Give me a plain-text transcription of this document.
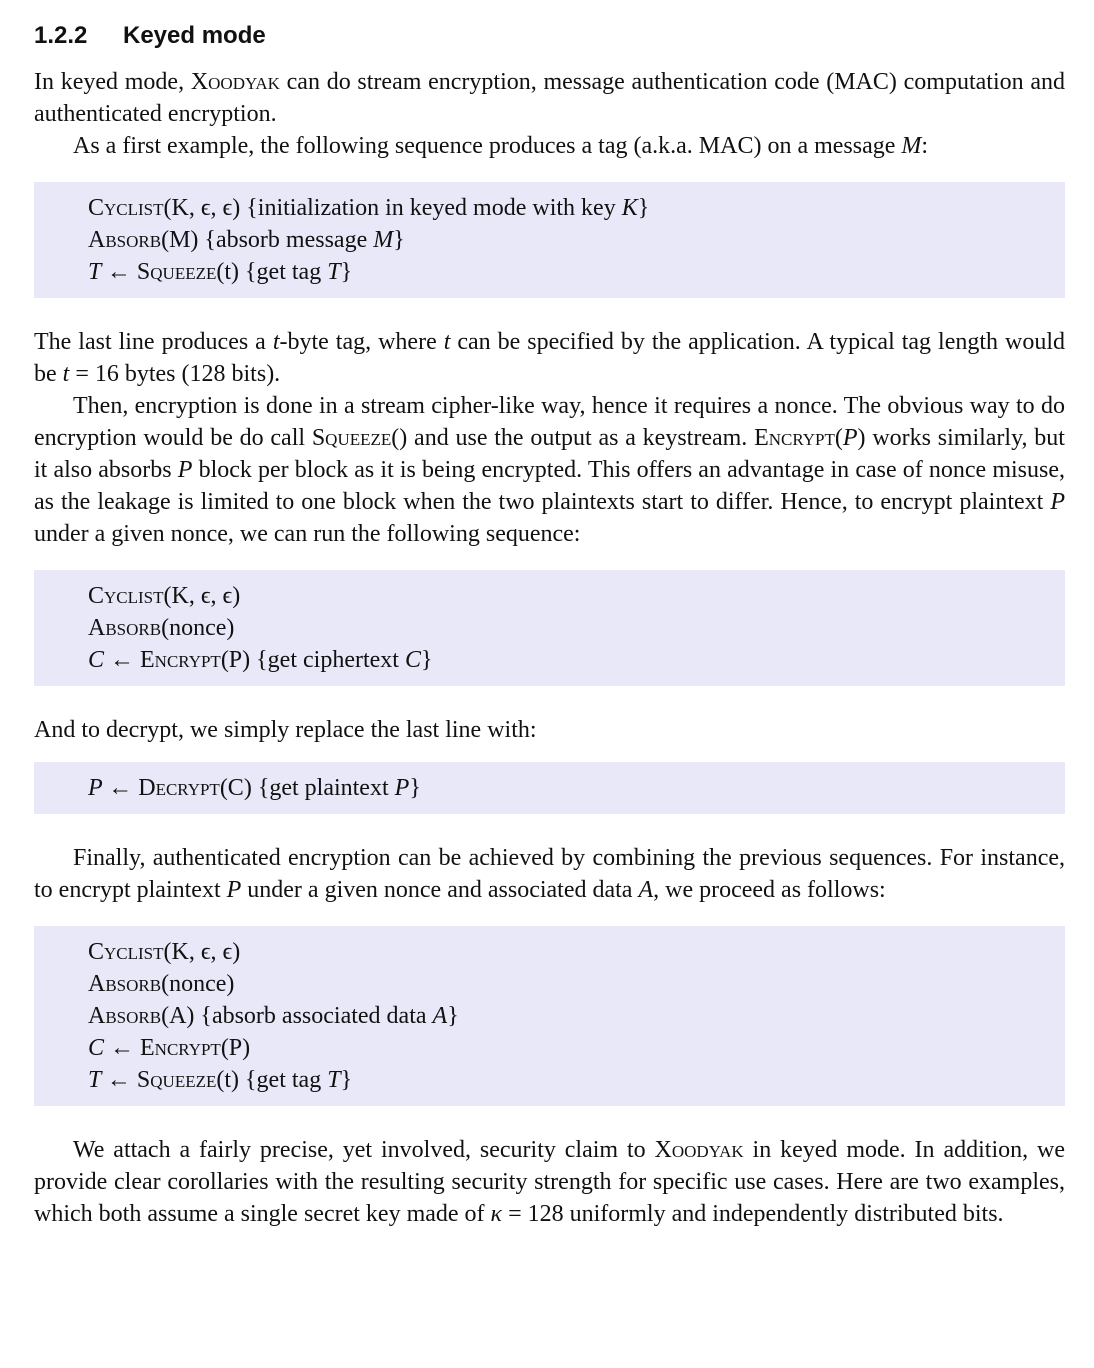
1.2.2 Keyed mode

In keyed mode, Xoodyak can do stream encryption, message authentication code (MAC) computation and authenticated encryption.

As a first example, the following sequence produces a tag (a.k.a. MAC) on a message M:

Cyclist(K, ϵ, ϵ) {initialization in keyed mode with key K}
Absorb(M) {absorb message M}
T ← Squeeze(t) {get tag T}

The last line produces a t-byte tag, where t can be specified by the application. A typical tag length would be t = 16 bytes (128 bits).

Then, encryption is done in a stream cipher-like way, hence it requires a nonce. The obvious way to do encryption would be do call Squeeze() and use the output as a keystream. Encrypt(P) works similarly, but it also absorbs P block per block as it is being encrypted. This offers an advantage in case of nonce misuse, as the leakage is limited to one block when the two plaintexts start to differ. Hence, to encrypt plaintext P under a given nonce, we can run the following sequence:

Cyclist(K, ϵ, ϵ)
Absorb(nonce)
C ← Encrypt(P) {get ciphertext C}

And to decrypt, we simply replace the last line with:

P ← Decrypt(C) {get plaintext P}

Finally, authenticated encryption can be achieved by combining the previous sequences. For instance, to encrypt plaintext P under a given nonce and associated data A, we proceed as follows:

Cyclist(K, ϵ, ϵ)
Absorb(nonce)
Absorb(A) {absorb associated data A}
C ← Encrypt(P)
T ← Squeeze(t) {get tag T}

We attach a fairly precise, yet involved, security claim to Xoodyak in keyed mode. In addition, we provide clear corollaries with the resulting security strength for specific use cases. Here are two examples, which both assume a single secret key made of κ = 128 uniformly and independently distributed bits.
